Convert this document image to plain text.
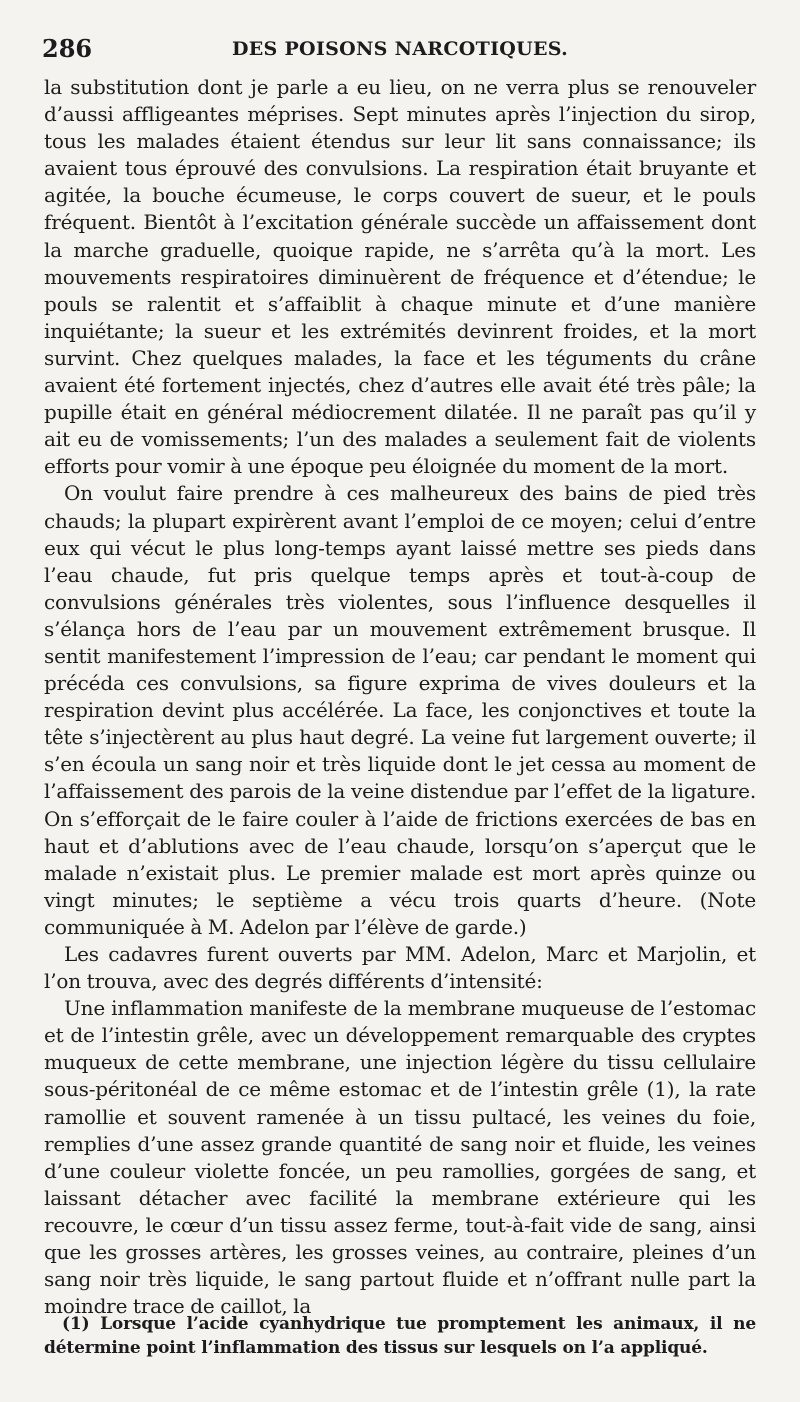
286	DES POISONS NARCOTIQUES.

la substitution dont je parle a eu lieu, on ne verra plus se renouveler d’aussi affligeantes méprises. Sept minutes après l’injection du sirop, tous les malades étaient étendus sur leur lit sans connaissance; ils avaient tous éprouvé des convulsions. La respiration était bruyante et agitée, la bouche écumeuse, le corps couvert de sueur, et le pouls fréquent. Bientôt à l’excitation générale succède un affaissement dont la marche graduelle, quoique rapide, ne s’arrêta qu’à la mort. Les mouvements respiratoires diminuèrent de fréquence et d’étendue; le pouls se ralentit et s’affaiblit à chaque minute et d’une manière inquiétante; la sueur et les extrémités devinrent froides, et la mort survint. Chez quelques malades, la face et les téguments du crâne avaient été fortement injectés, chez d’autres elle avait été très pâle; la pupille était en général médiocrement dilatée. Il ne paraît pas qu’il y ait eu de vomissements; l’un des malades a seulement fait de violents efforts pour vomir à une époque peu éloignée du moment de la mort.

On voulut faire prendre à ces malheureux des bains de pied très chauds; la plupart expirèrent avant l’emploi de ce moyen; celui d’entre eux qui vécut le plus long-temps ayant laissé mettre ses pieds dans l’eau chaude, fut pris quelque temps après et tout-à-coup de convulsions générales très violentes, sous l’influence desquelles il s’élança hors de l’eau par un mouvement extrêmement brusque. Il sentit manifestement l’impression de l’eau; car pendant le moment qui précéda ces convulsions, sa figure exprima de vives douleurs et la respiration devint plus accélérée. La face, les conjonctives et toute la tête s’injectèrent au plus haut degré. La veine fut largement ouverte; il s’en écoula un sang noir et très liquide dont le jet cessa au moment de l’affaissement des parois de la veine distendue par l’effet de la ligature. On s’efforçait de le faire couler à l’aide de frictions exercées de bas en haut et d’ablutions avec de l’eau chaude, lorsqu’on s’aperçut que le malade n’existait plus. Le premier malade est mort après quinze ou vingt minutes; le septième a vécu trois quarts d’heure. (Note communiquée à M. Adelon par l’élève de garde.)

Les cadavres furent ouverts par MM. Adelon, Marc et Marjolin, et l’on trouva, avec des degrés différents d’intensité:

Une inflammation manifeste de la membrane muqueuse de l’estomac et de l’intestin grêle, avec un développement remarquable des cryptes muqueux de cette membrane, une injection légère du tissu cellulaire sous-péritonéal de ce même estomac et de l’intestin grêle (1), la rate ramollie et souvent ramenée à un tissu pultacé, les veines du foie, remplies d’une assez grande quantité de sang noir et fluide, les veines d’une couleur violette foncée, un peu ramollies, gorgées de sang, et laissant détacher avec facilité la membrane extérieure qui les recouvre, le cœur d’un tissu assez ferme, tout-à-fait vide de sang, ainsi que les grosses artères, les grosses veines, au contraire, pleines d’un sang noir très liquide, le sang partout fluide et n’offrant nulle part la moindre trace de caillot, la

(1) Lorsque l’acide cyanhydrique tue promptement les animaux, il ne détermine point l’inflammation des tissus sur lesquels on l’a appliqué.
